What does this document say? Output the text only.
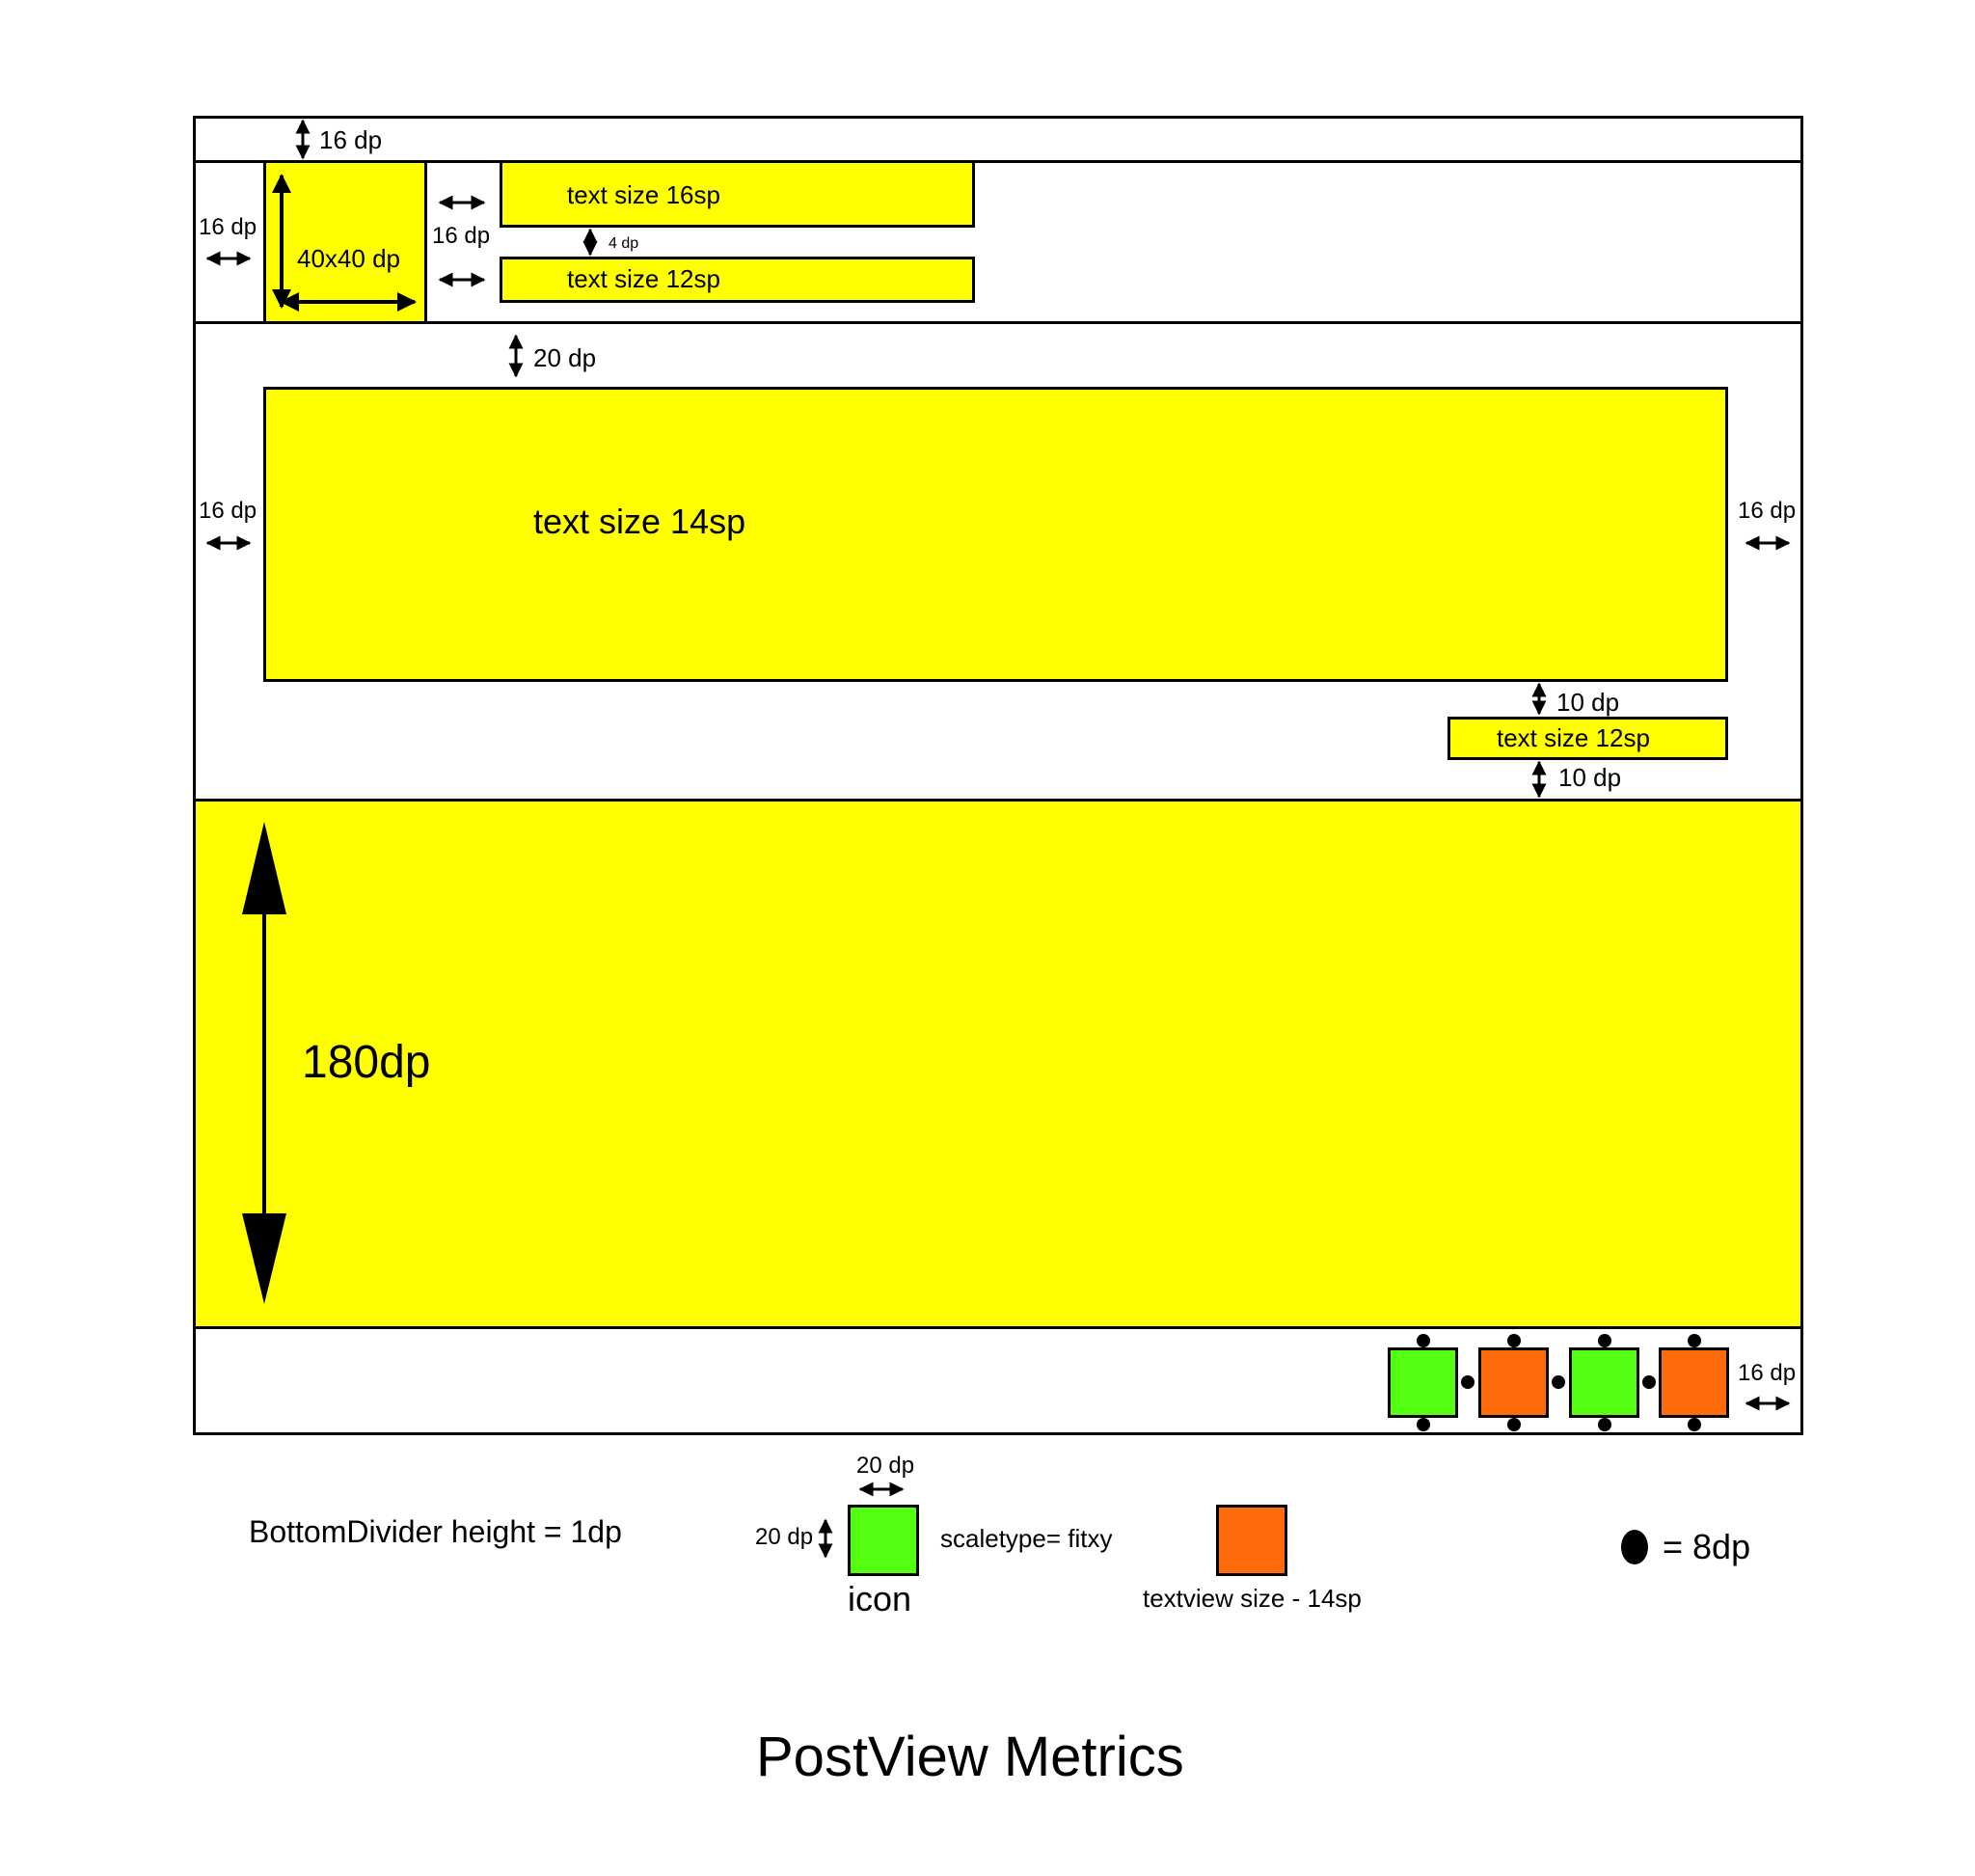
40x40 dp
text size 16sp
text size 12sp
16 dp
16 dp	16 dp	4 dp
text size 14sp
20 dp
16 dp	16 dp
text size 12sp
10 dp
10 dp
180dp
16 dp
BottomDivider height = 1dp
20 dp
20 dp
icon
scaletype= fitxy
textview size - 14sp
= 8dp
PostView Metrics
